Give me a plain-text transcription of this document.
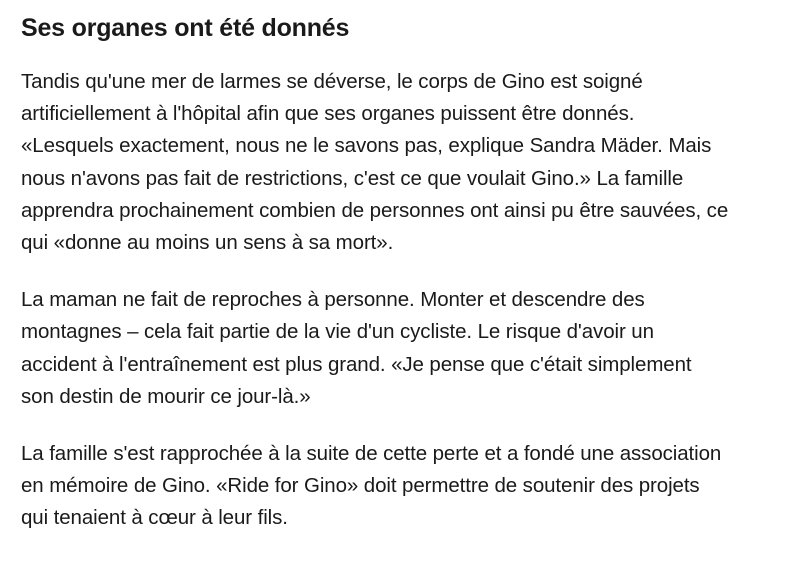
Ses organes ont été donnés

Tandis qu'une mer de larmes se déverse, le corps de Gino est soigné
artificiellement à l'hôpital afin que ses organes puissent être donnés.
«Lesquels exactement, nous ne le savons pas, explique Sandra Mäder. Mais
nous n'avons pas fait de restrictions, c'est ce que voulait Gino.» La famille
apprendra prochainement combien de personnes ont ainsi pu être sauvées, ce
qui «donne au moins un sens à sa mort».

La maman ne fait de reproches à personne. Monter et descendre des
montagnes – cela fait partie de la vie d'un cycliste. Le risque d'avoir un
accident à l'entraînement est plus grand. «Je pense que c'était simplement
son destin de mourir ce jour-là.»

La famille s'est rapprochée à la suite de cette perte et a fondé une association
en mémoire de Gino. «Ride for Gino» doit permettre de soutenir des projets
qui tenaient à cœur à leur fils.
